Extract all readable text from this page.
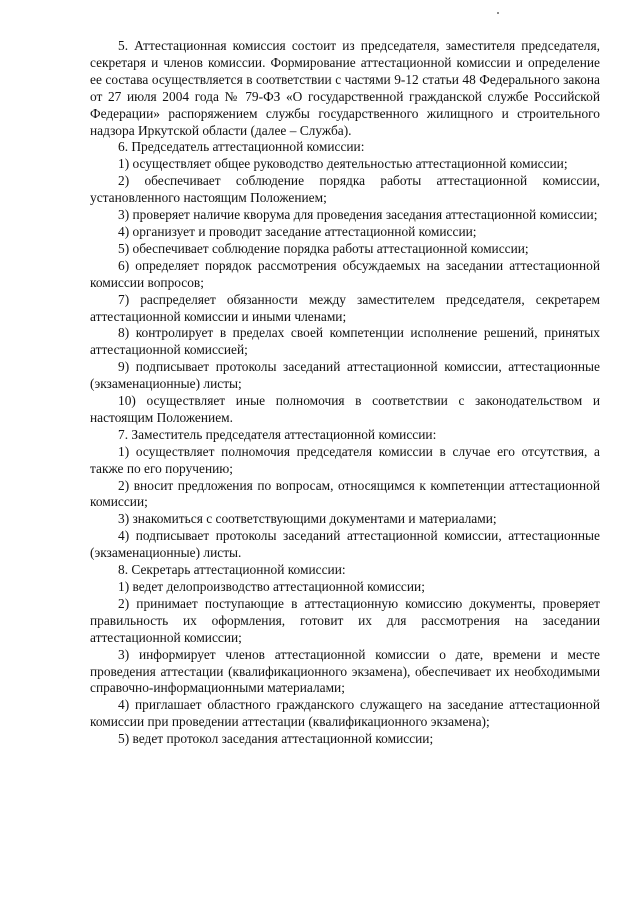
5. Аттестационная комиссия состоит из председателя, заместителя председателя, секретаря и членов комиссии. Формирование аттестационной комиссии и определение ее состава осуществляется в соответствии с частями 9-12 статьи 48 Федерального закона от 27 июля 2004 года № 79-ФЗ «О государственной гражданской службе Российской Федерации» распоряжением службы государственного жилищного и строительного надзора Иркутской области (далее – Служба).

6. Председатель аттестационной комиссии:

1) осуществляет общее руководство деятельностью аттестационной комиссии;

2) обеспечивает соблюдение порядка работы аттестационной комиссии, установленного настоящим Положением;

3) проверяет наличие кворума для проведения заседания аттестационной комиссии;

4) организует и проводит заседание аттестационной комиссии;

5) обеспечивает соблюдение порядка работы аттестационной комиссии;

6) определяет порядок рассмотрения обсуждаемых на заседании аттестационной комиссии вопросов;

7) распределяет обязанности между заместителем председателя, секретарем аттестационной комиссии и иными членами;

8) контролирует в пределах своей компетенции исполнение решений, принятых аттестационной комиссией;

9) подписывает протоколы заседаний аттестационной комиссии, аттестационные (экзаменационные) листы;

10) осуществляет иные полномочия в соответствии с законодательством и настоящим Положением.

7. Заместитель председателя аттестационной комиссии:

1) осуществляет полномочия председателя комиссии в случае его отсутствия, а также по его поручению;

2) вносит предложения по вопросам, относящимся к компетенции аттестационной комиссии;

3) знакомиться с соответствующими документами и материалами;

4) подписывает протоколы заседаний аттестационной комиссии, аттестационные (экзаменационные) листы.

8. Секретарь аттестационной комиссии:

1) ведет делопроизводство аттестационной комиссии;

2) принимает поступающие в аттестационную комиссию документы, проверяет правильность их оформления, готовит их для рассмотрения на заседании аттестационной комиссии;

3) информирует членов аттестационной комиссии о дате, времени и месте проведения аттестации (квалификационного экзамена), обеспечивает их необходимыми справочно-информационными материалами;

4) приглашает областного гражданского служащего на заседание аттестационной комиссии при проведении аттестации (квалификационного экзамена);

5) ведет протокол заседания аттестационной комиссии;
